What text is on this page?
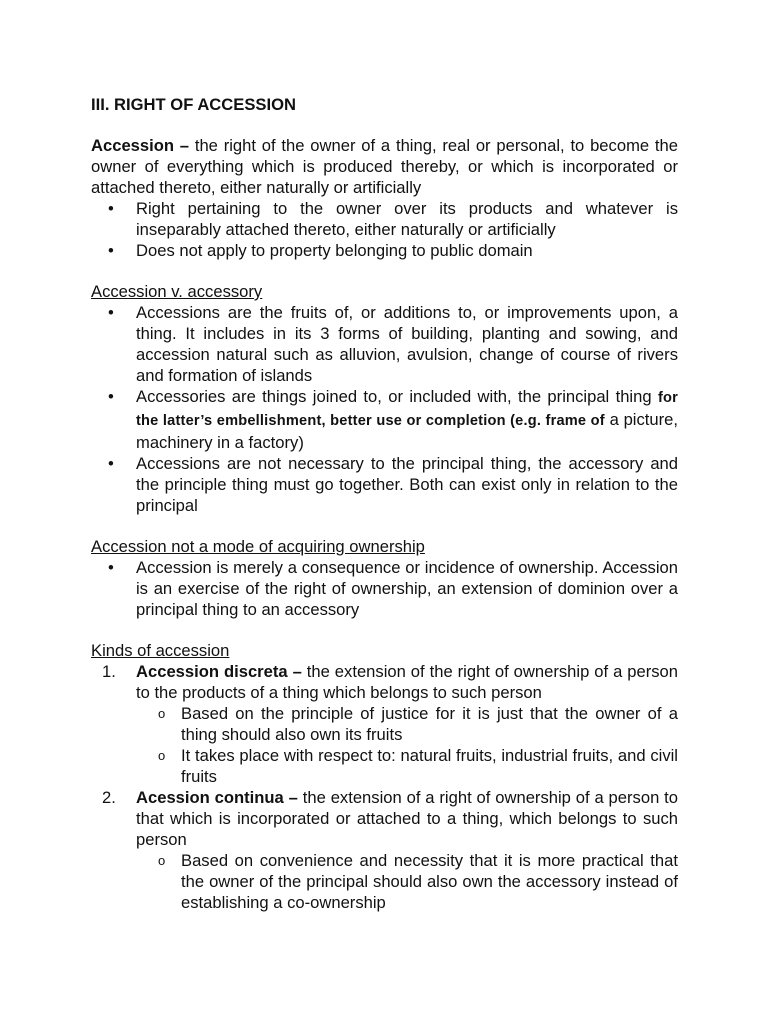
III. RIGHT OF ACCESSION

Accession – the right of the owner of a thing, real or personal, to become the owner of everything which is produced thereby, or which is incorporated or attached thereto, either naturally or artificially

• Right pertaining to the owner over its products and whatever is inseparably attached thereto, either naturally or artificially
• Does not apply to property belonging to public domain

Accession v. accessory

• Accessions are the fruits of, or additions to, or improvements upon, a thing. It includes in its 3 forms of building, planting and sowing, and accession natural such as alluvion, avulsion, change of course of rivers and formation of islands
• Accessories are things joined to, or included with, the principal thing for the latter’s embellishment, better use or completion (e.g. frame of a picture, machinery in a factory)
• Accessions are not necessary to the principal thing, the accessory and the principle thing must go together. Both can exist only in relation to the principal

Accession not a mode of acquiring ownership

• Accession is merely a consequence or incidence of ownership. Accession is an exercise of the right of ownership, an extension of dominion over a principal thing to an accessory

Kinds of accession

1. Accession discreta – the extension of the right of ownership of a person to the products of a thing which belongs to such person
o Based on the principle of justice for it is just that the owner of a thing should also own its fruits
o It takes place with respect to: natural fruits, industrial fruits, and civil fruits
2. Acession continua – the extension of a right of ownership of a person to that which is incorporated or attached to a thing, which belongs to such person
o Based on convenience and necessity that it is more practical that the owner of the principal should also own the accessory instead of establishing a co-ownership
